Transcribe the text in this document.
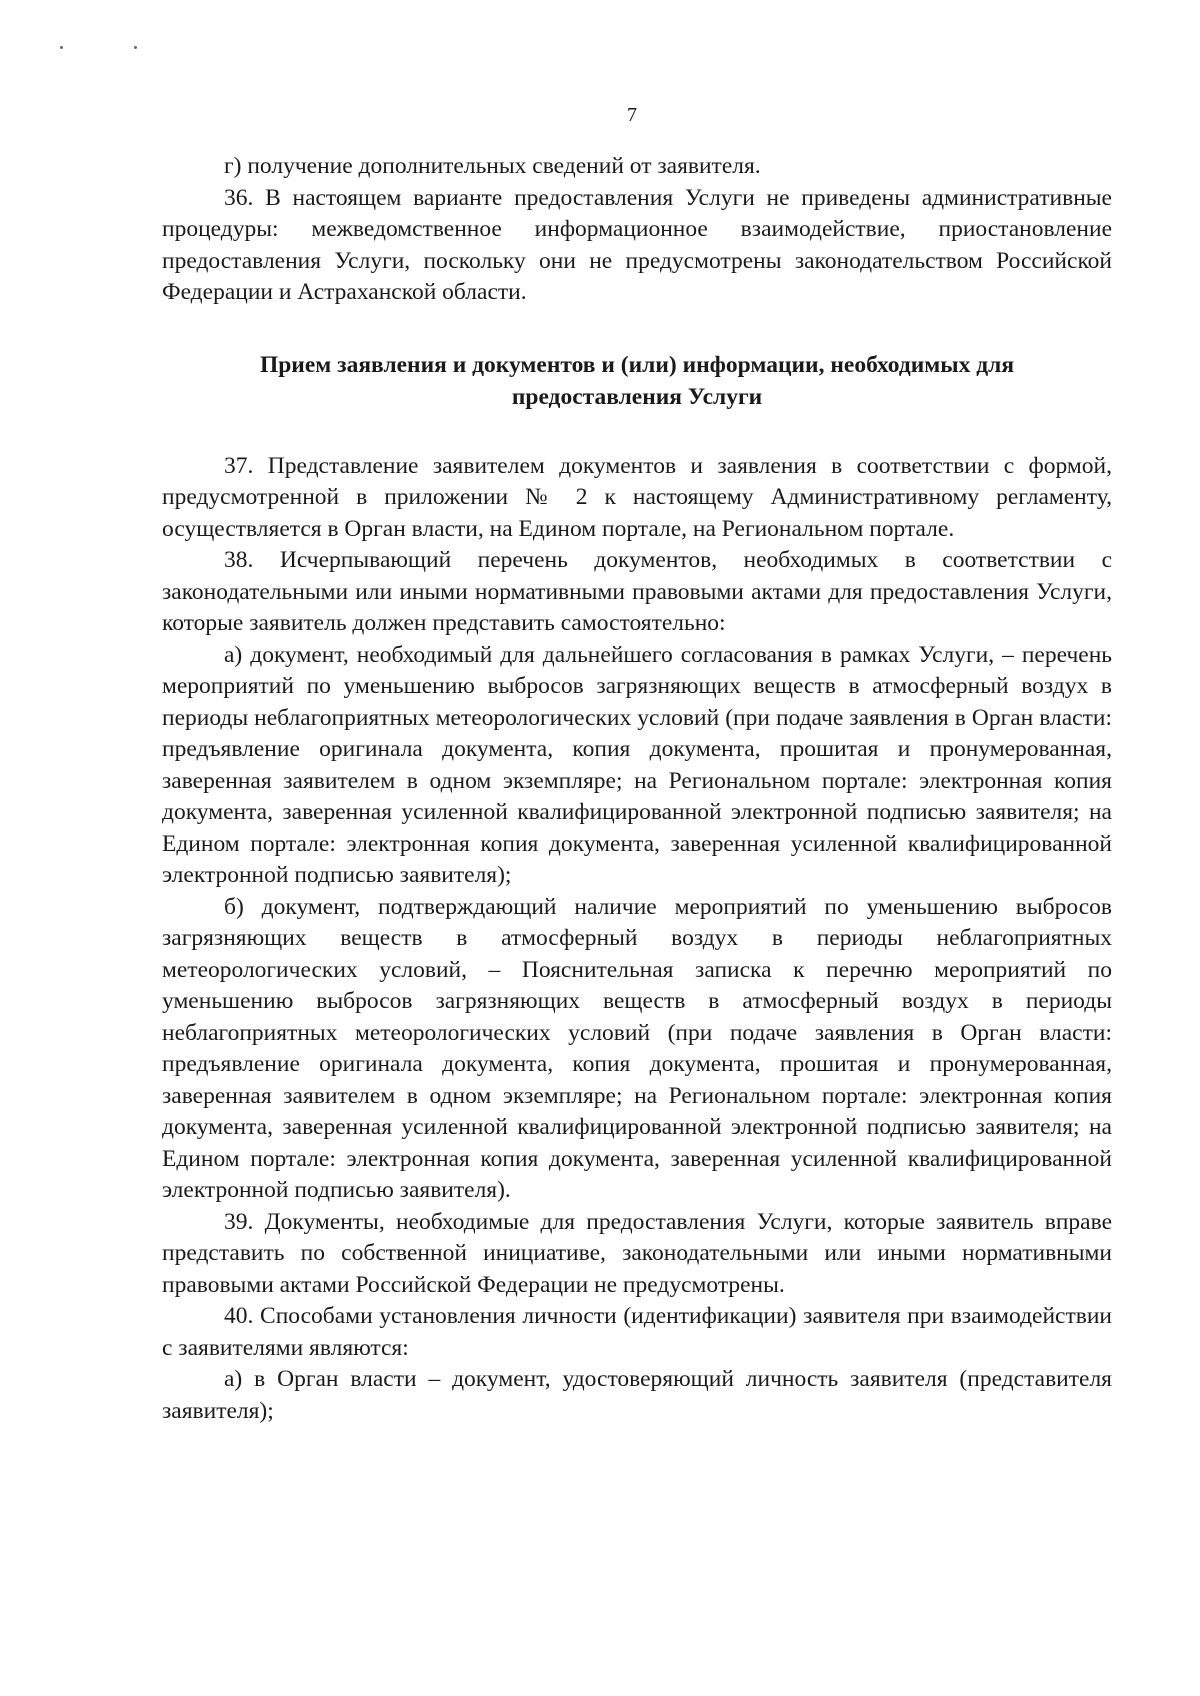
7

г) получение дополнительных сведений от заявителя.

36. В настоящем варианте предоставления Услуги не приведены административные процедуры: межведомственное информационное взаимодействие, приостановление предоставления Услуги, поскольку они не предусмотрены законодательством Российской Федерации и Астраханской области.

Прием заявления и документов и (или) информации, необходимых для предоставления Услуги

37. Представление заявителем документов и заявления в соответствии с формой, предусмотренной в приложении № 2 к настоящему Административному регламенту, осуществляется в Орган власти, на Едином портале, на Региональном портале.

38. Исчерпывающий перечень документов, необходимых в соответствии с законодательными или иными нормативными правовыми актами для предоставления Услуги, которые заявитель должен представить самостоятельно:

а) документ, необходимый для дальнейшего согласования в рамках Услуги, – перечень мероприятий по уменьшению выбросов загрязняющих веществ в атмосферный воздух в периоды неблагоприятных метеорологических условий (при подаче заявления в Орган власти: предъявление оригинала документа, копия документа, прошитая и пронумерованная, заверенная заявителем в одном экземпляре; на Региональном портале: электронная копия документа, заверенная усиленной квалифицированной электронной подписью заявителя; на Едином портале: электронная копия документа, заверенная усиленной квалифицированной электронной подписью заявителя);

б) документ, подтверждающий наличие мероприятий по уменьшению выбросов загрязняющих веществ в атмосферный воздух в периоды неблагоприятных метеорологических условий, – Пояснительная записка к перечню мероприятий по уменьшению выбросов загрязняющих веществ в атмосферный воздух в периоды неблагоприятных метеорологических условий (при подаче заявления в Орган власти: предъявление оригинала документа, копия документа, прошитая и пронумерованная, заверенная заявителем в одном экземпляре; на Региональном портале: электронная копия документа, заверенная усиленной квалифицированной электронной подписью заявителя; на Едином портале: электронная копия документа, заверенная усиленной квалифицированной электронной подписью заявителя).

39. Документы, необходимые для предоставления Услуги, которые заявитель вправе представить по собственной инициативе, законодательными или иными нормативными правовыми актами Российской Федерации не предусмотрены.

40. Способами установления личности (идентификации) заявителя при взаимодействии с заявителями являются:

а) в Орган власти – документ, удостоверяющий личность заявителя (представителя заявителя);
